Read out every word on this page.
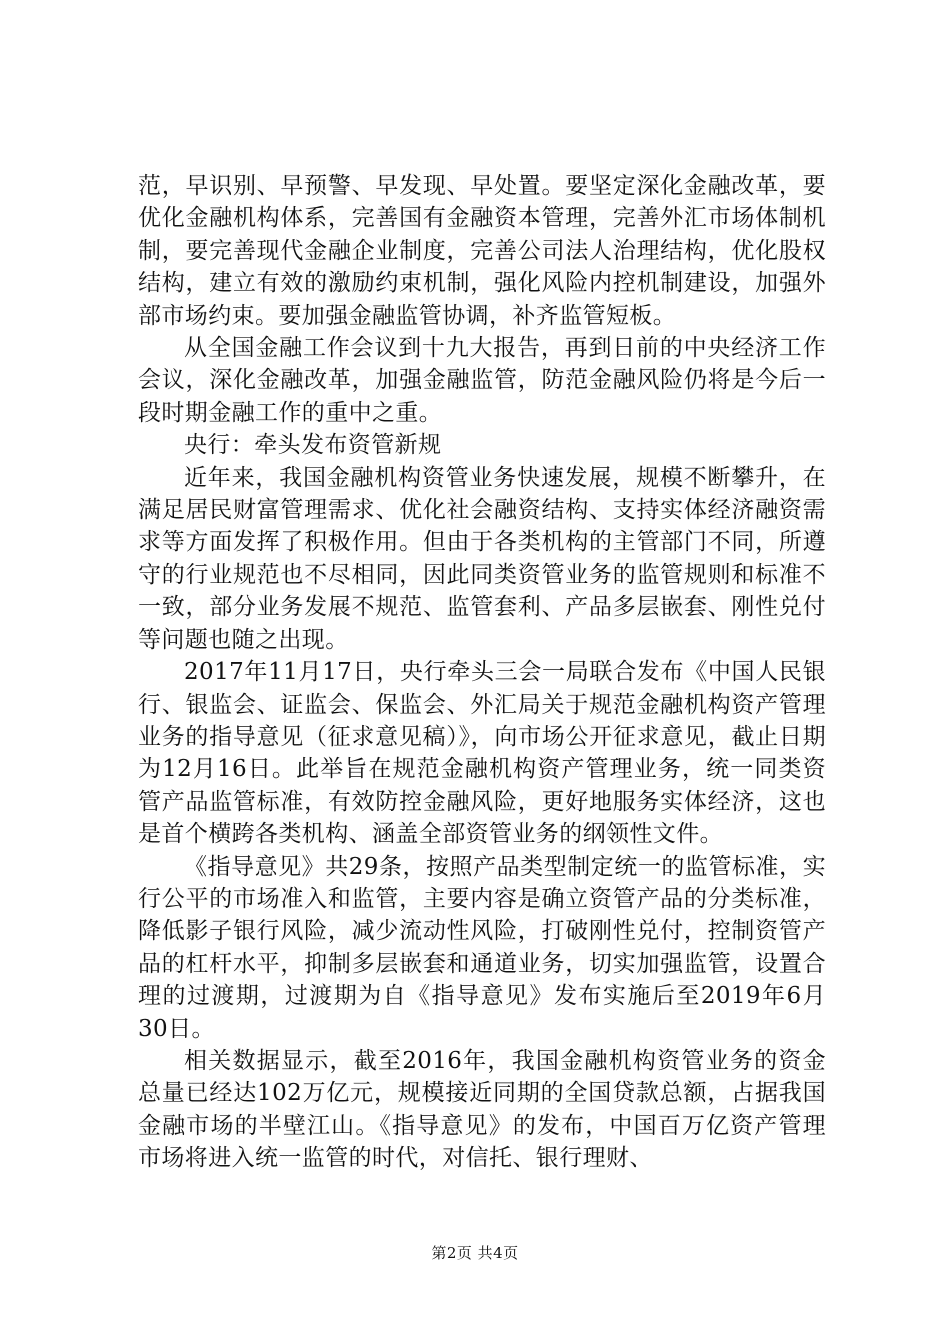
范，早识别、早预警、早发现、早处置。要坚定深化金融改革，要优化金融机构体系，完善国有金融资本管理，完善外汇市场体制机制，要完善现代金融企业制度，完善公司法人治理结构，优化股权结构，建立有效的激励约束机制，强化风险内控机制建设，加强外部市场约束。要加强金融监管协调，补齐监管短板。

从全国金融工作会议到十九大报告，再到日前的中央经济工作会议，深化金融改革，加强金融监管，防范金融风险仍将是今后一段时期金融工作的重中之重。

央行：牵头发布资管新规

近年来，我国金融机构资管业务快速发展，规模不断攀升，在满足居民财富管理需求、优化社会融资结构、支持实体经济融资需求等方面发挥了积极作用。但由于各类机构的主管部门不同，所遵守的行业规范也不尽相同，因此同类资管业务的监管规则和标准不一致，部分业务发展不规范、监管套利、产品多层嵌套、刚性兑付等问题也随之出现。

2017年11月17日，央行牵头三会一局联合发布《中国人民银行、银监会、证监会、保监会、外汇局关于规范金融机构资产管理业务的指导意见（征求意见稿）》，向市场公开征求意见，截止日期为12月16日。此举旨在规范金融机构资产管理业务，统一同类资管产品监管标准，有效防控金融风险，更好地服务实体经济，这也是首个横跨各类机构、涵盖全部资管业务的纲领性文件。

《指导意见》共29条，按照产品类型制定统一的监管标准，实行公平的市场准入和监管，主要内容是确立资管产品的分类标准，降低影子银行风险，减少流动性风险，打破刚性兑付，控制资管产品的杠杆水平，抑制多层嵌套和通道业务，切实加强监管，设置合理的过渡期，过渡期为自《指导意见》发布实施后至2019年6月30日。

相关数据显示，截至2016年，我国金融机构资管业务的资金总量已经达102万亿元，规模接近同期的全国贷款总额，占据我国金融市场的半壁江山。《指导意见》的发布，中国百万亿资产管理市场将进入统一监管的时代，对信托、银行理财、

第2页 共4页
